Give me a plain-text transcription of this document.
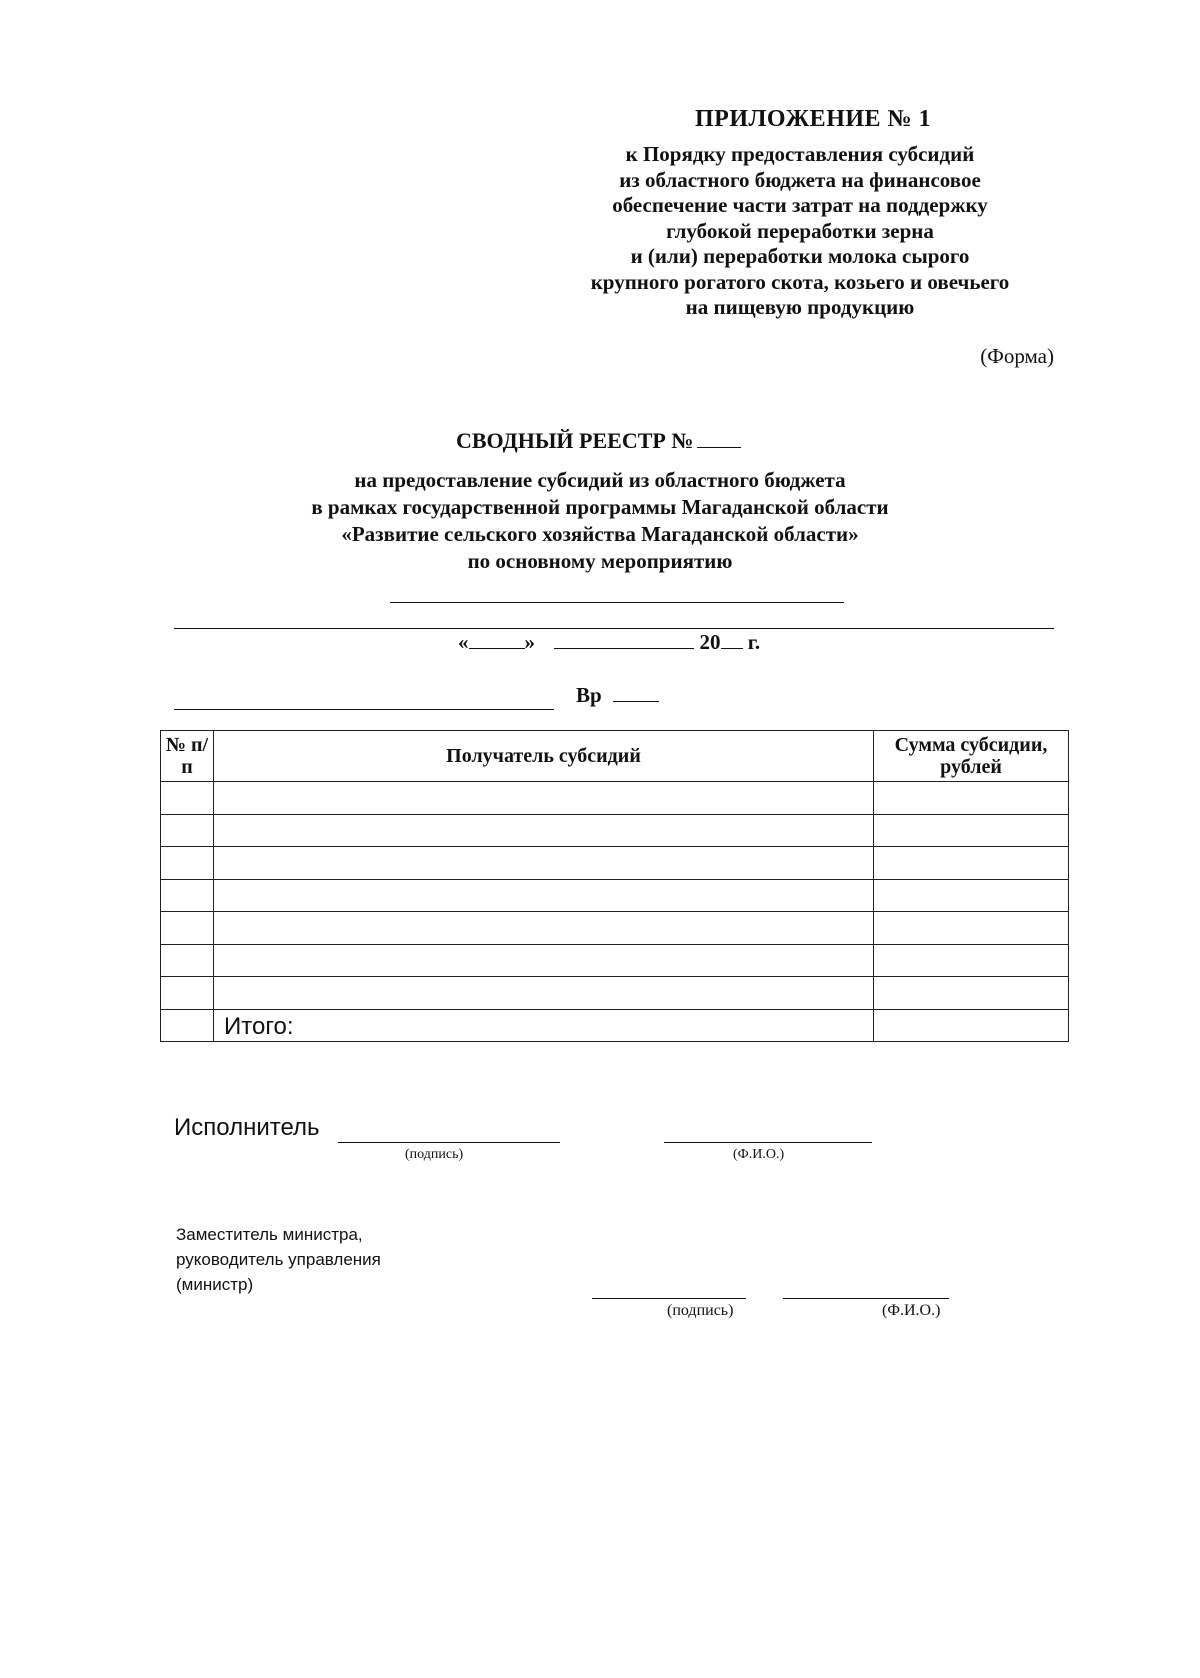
ПРИЛОЖЕНИЕ № 1
к Порядку предоставления субсидий
из областного бюджета на финансовое
обеспечение части затрат на поддержку
глубокой переработки зерна
и (или) переработки молока сырого
крупного рогатого скота, козьего и овечьего
на пищевую продукцию
(Форма)
СВОДНЫЙ РЕЕСТР №
на предоставление субсидий из областного бюджета
в рамках государственной программы Магаданской области
«Развитие сельского хозяйства Магаданской области»
по основному мероприятию
«	»	20 г.
Вр
№ п/п	Получатель субсидий	Сумма субсидии, рублей

	Итого:	
Исполнитель
(подпись)	(Ф.И.О.)
Заместитель министра,
руководитель управления
(министр)
(подпись)	(Ф.И.О.)
